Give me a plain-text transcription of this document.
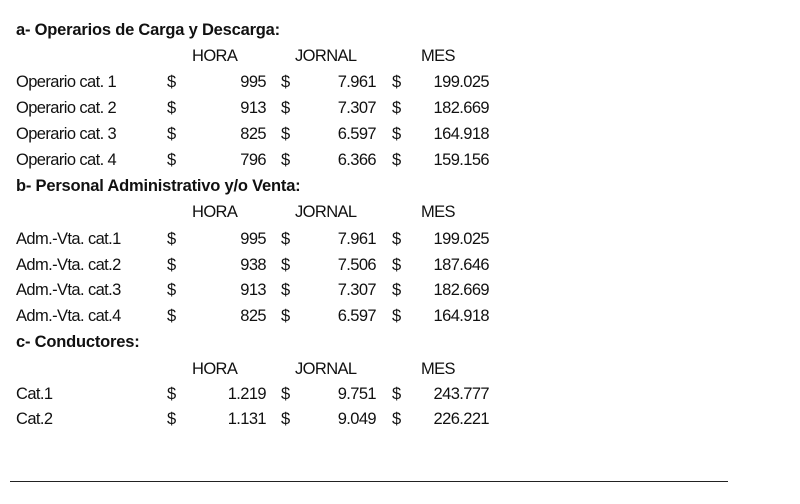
a- Operarios de Carga y Descarga:
HORA	JORNAL	MES
Operario cat. 1	$	995 $	7.961 $ 199.025
Operario cat. 2	$	913 $	7.307 $ 182.669
Operario cat. 3	$	825 $	6.597 $ 164.918
Operario cat. 4	$	796 $	6.366 $ 159.156
b- Personal Administrativo y/o Venta:
HORA	JORNAL	MES
Adm.-Vta. cat.1	$	995 $	7.961 $ 199.025
Adm.-Vta. cat.2	$	938 $	7.506 $ 187.646
Adm.-Vta. cat.3	$	913 $	7.307 $ 182.669
Adm.-Vta. cat.4	$	825 $	6.597 $ 164.918
c- Conductores:
HORA	JORNAL	MES
Cat.1	$	1.219 $	9.751 $ 243.777
Cat.2	$	1.131 $	9.049 $ 226.221
